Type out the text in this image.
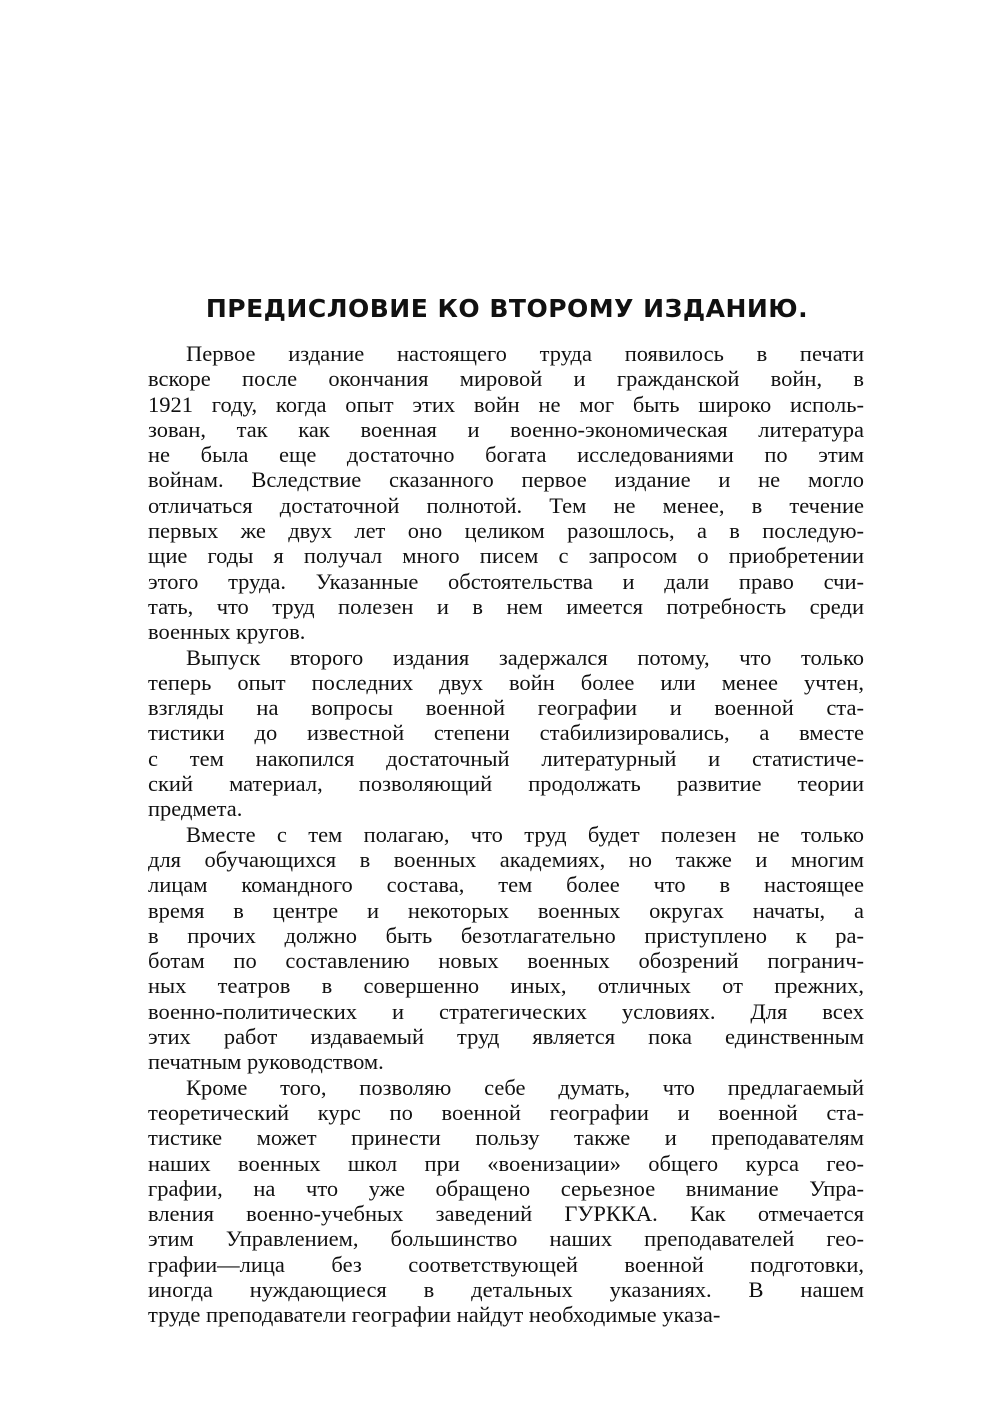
ПРЕДИСЛОВИЕ КО ВТОРОМУ ИЗДАНИЮ.
Первое издание настоящего труда появилось в печати
вскоре после окончания мировой и гражданской войн, в
1921 году, когда опыт этих войн не мог быть широко исполь-
зован, так как военная и военно-экономическая литература
не была еще достаточно богата исследованиями по этим
войнам. Вследствие сказанного первое издание и не могло
отличаться достаточной полнотой. Тем не менее, в течение
первых же двух лет оно целиком разошлось, а в последую-
щие годы я получал много писем с запросом о приобретении
этого труда. Указанные обстоятельства и дали право счи-
тать, что труд полезен и в нем имеется потребность среди
военных кругов.
Выпуск второго издания задержался потому, что только
теперь опыт последних двух войн более или менее учтен,
взгляды на вопросы военной географии и военной ста-
тистики до известной степени стабилизировались, а вместе
с тем накопился достаточный литературный и статистиче-
ский материал, позволяющий продолжать развитие теории
предмета.
Вместе с тем полагаю, что труд будет полезен не только
для обучающихся в военных академиях, но также и многим
лицам командного состава, тем более что в настоящее
время в центре и некоторых военных округах начаты, а
в прочих должно быть безотлагательно приступлено к ра-
ботам по составлению новых военных обозрений погранич-
ных театров в совершенно иных, отличных от прежних,
военно-политических и стратегических условиях. Для всех
этих работ издаваемый труд является пока единственным
печатным руководством.
Кроме того, позволяю себе думать, что предлагаемый
теоретический курс по военной географии и военной ста-
тистике может принести пользу также и преподавателям
наших военных школ при «военизации» общего курса гео-
графии, на что уже обращено серьезное внимание Упра-
вления военно-учебных заведений ГУРККА. Как отмечается
этим Управлением, большинство наших преподавателей гео-
графии—лица без соответствующей военной подготовки,
иногда нуждающиеся в детальных указаниях. В нашем
труде преподаватели географии найдут необходимые указа-
